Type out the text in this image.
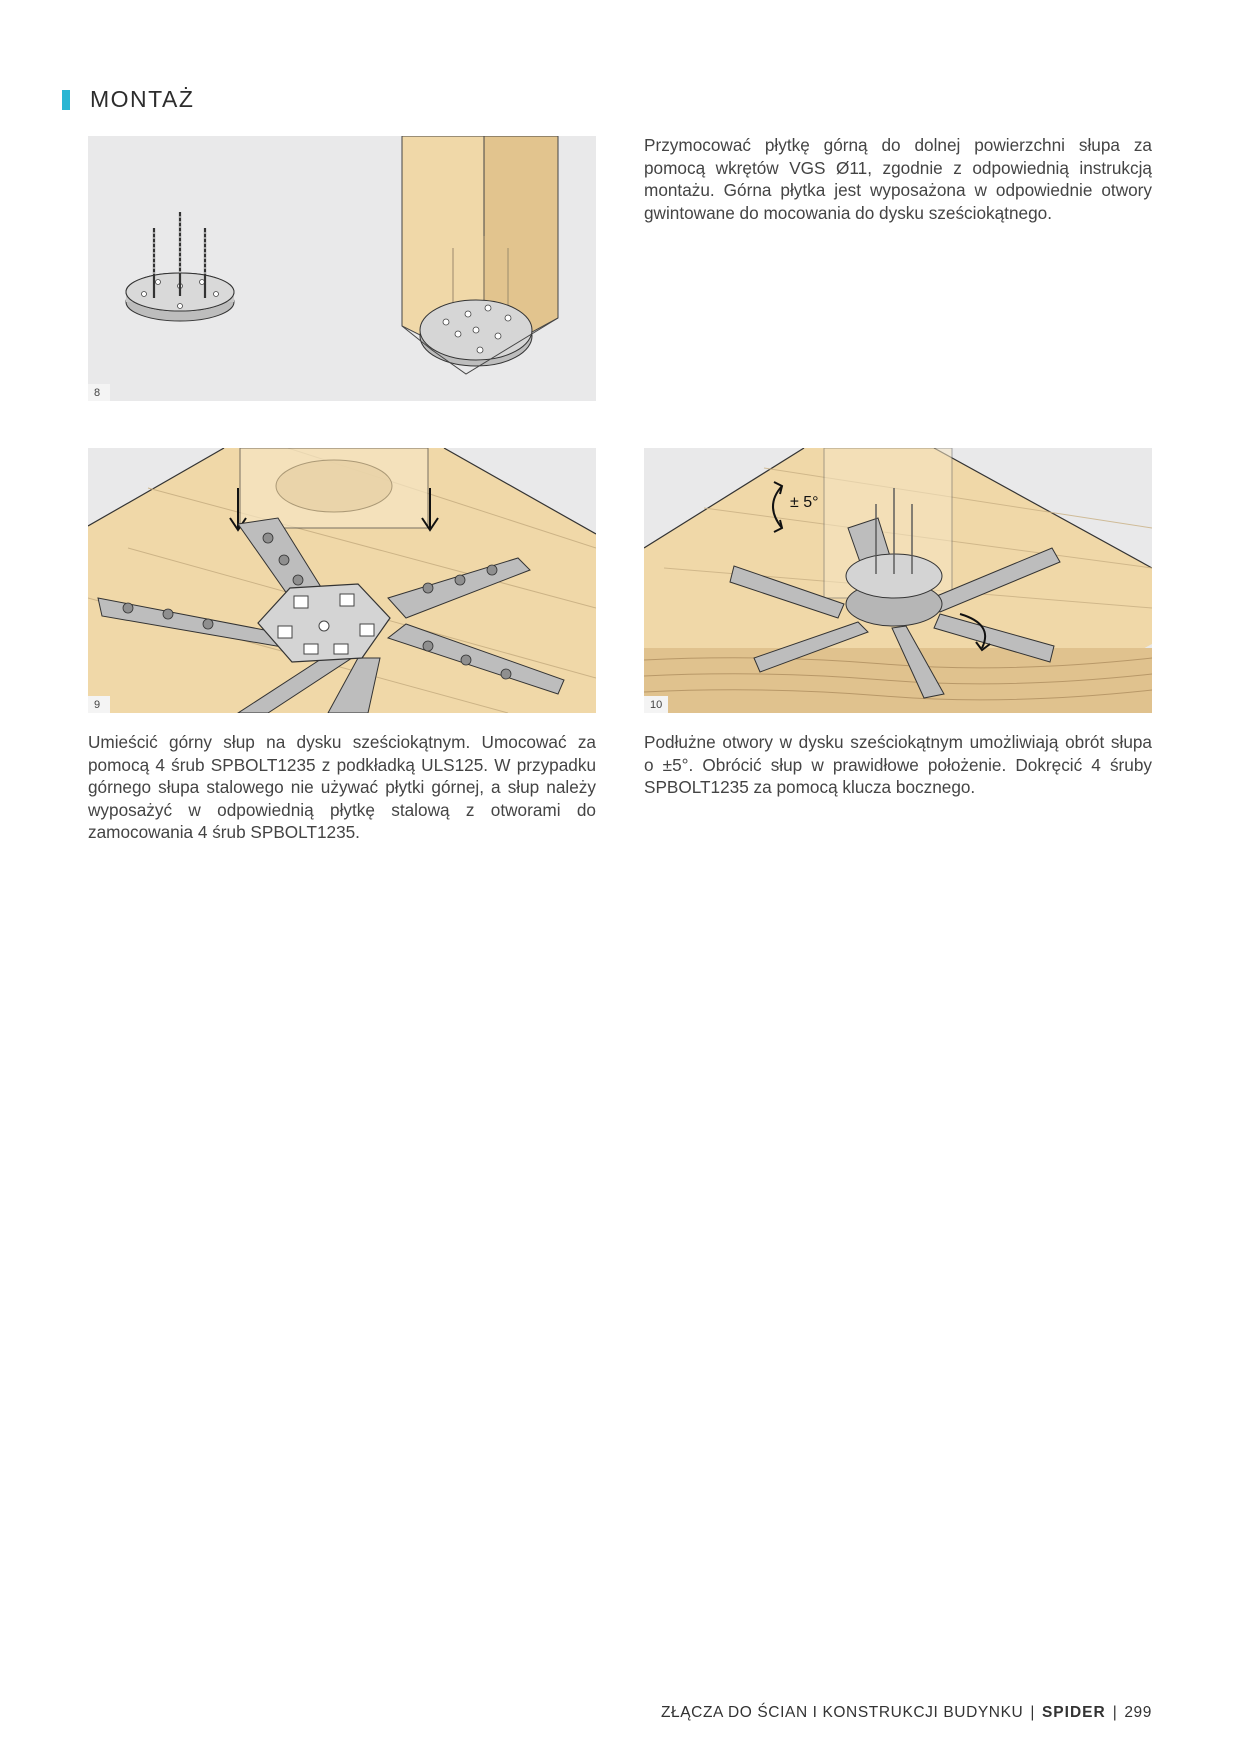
MONTAŻ
8

Przymocować płytkę górną do dolnej powierzchni słupa za pomocą wkrętów VGS Ø11, zgodnie z odpowiednią instrukcją montażu. Górna płytka jest wyposażona w odpowiednie otwory gwintowane do mocowania do dysku sześciokątnego.

9
± 5°
10

Umieścić górny słup na dysku sześciokątnym. Umocować za pomocą 4 śrub SPBOLT1235 z podkładką ULS125. W przypadku górnego słupa stalowego nie używać płytki górnej, a słup należy wyposażyć w odpowiednią płytkę stalową z otworami do zamocowania 4 śrub SPBOLT1235.

Podłużne otwory w dysku sześciokątnym umożliwiają obrót słupa o ±5°. Obrócić słup w prawidłowe położenie. Dokręcić 4 śruby SPBOLT1235 za pomocą klucza bocznego.

ZŁĄCZA DO ŚCIAN I KONSTRUKCJI BUDYNKU | SPIDER | 299
